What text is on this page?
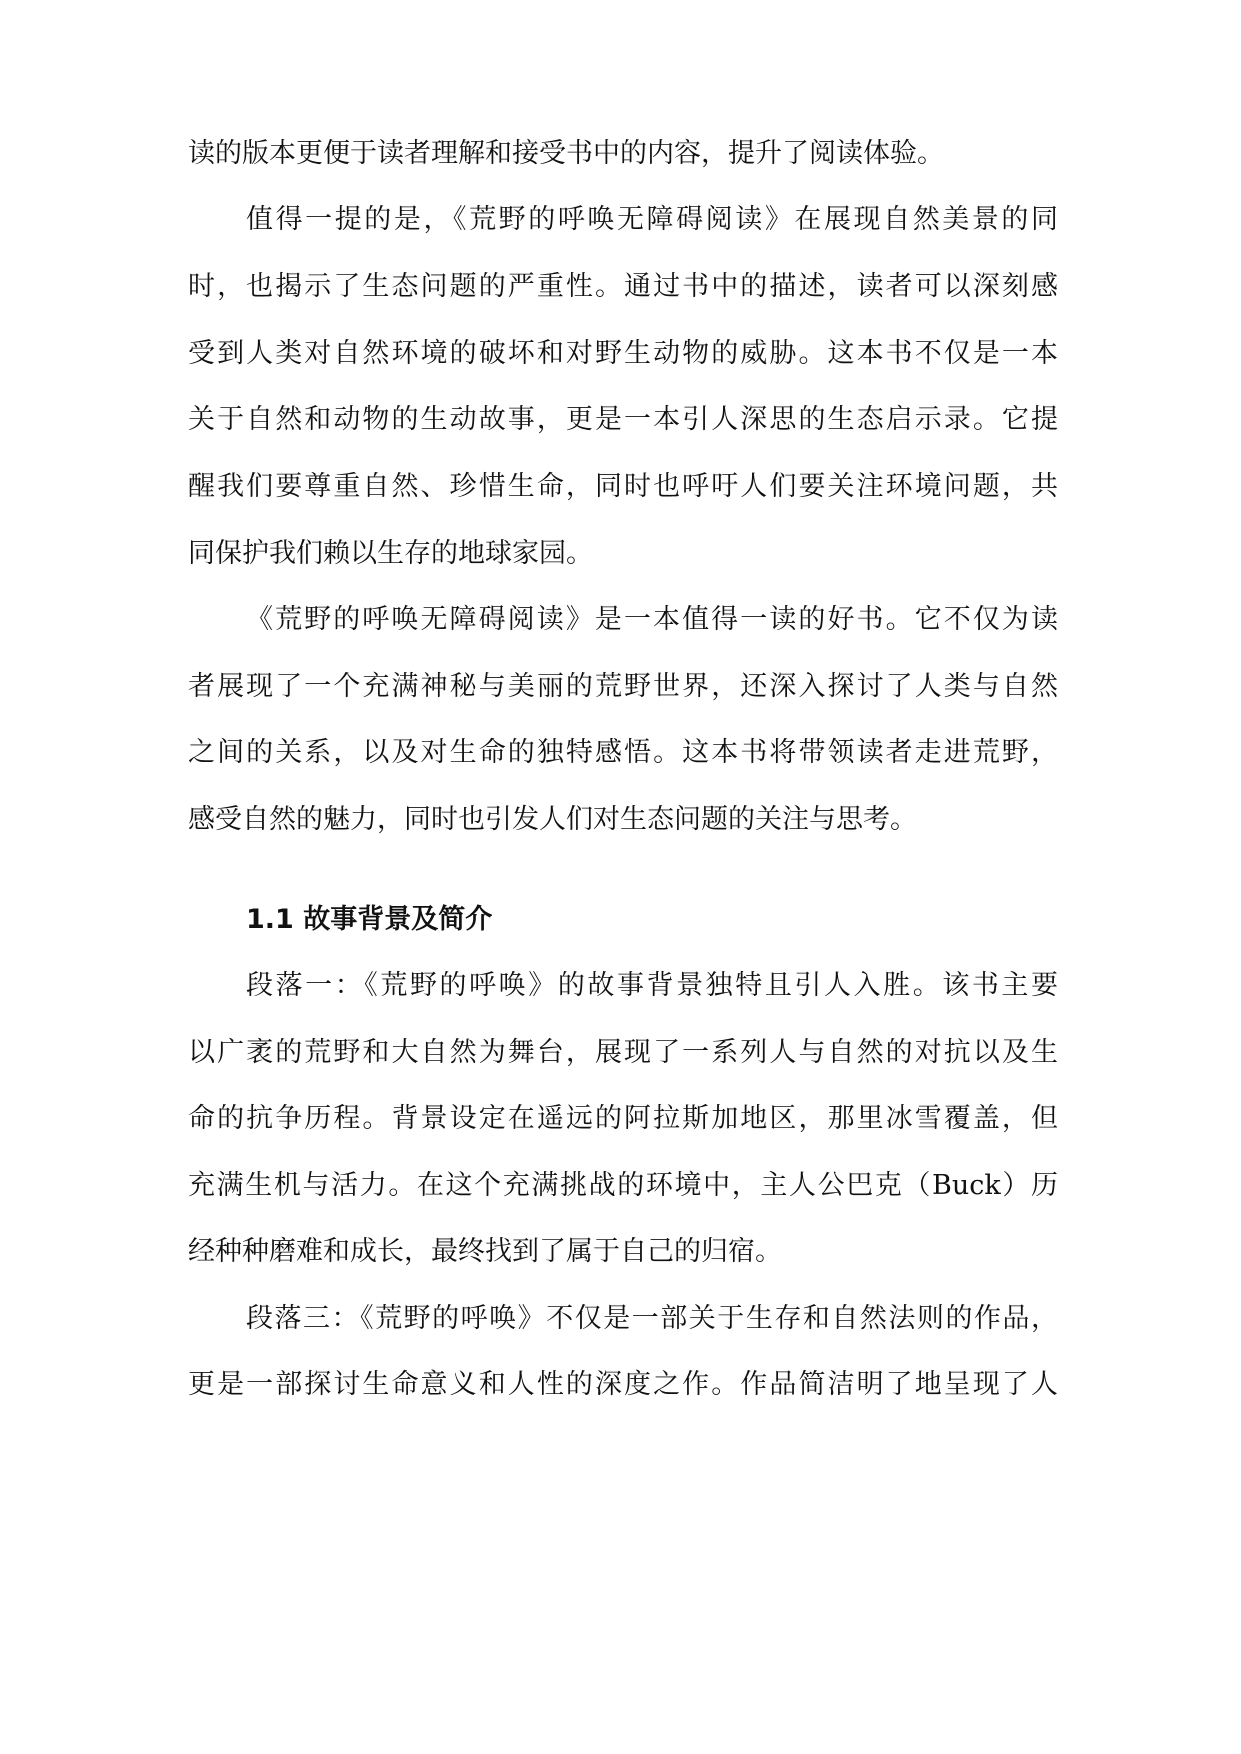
读的版本更便于读者理解和接受书中的内容，提升了阅读体验。
值得一提的是，《荒野的呼唤无障碍阅读》在展现自然美景的同
时，也揭示了生态问题的严重性。通过书中的描述，读者可以深刻感
受到人类对自然环境的破坏和对野生动物的威胁。这本书不仅是一本
关于自然和动物的生动故事，更是一本引人深思的生态启示录。它提
醒我们要尊重自然、珍惜生命，同时也呼吁人们要关注环境问题，共
同保护我们赖以生存的地球家园。
《荒野的呼唤无障碍阅读》是一本值得一读的好书。它不仅为读
者展现了一个充满神秘与美丽的荒野世界，还深入探讨了人类与自然
之间的关系，以及对生命的独特感悟。这本书将带领读者走进荒野，
感受自然的魅力，同时也引发人们对生态问题的关注与思考。
1.1 故事背景及简介
段落一：《荒野的呼唤》的故事背景独特且引人入胜。该书主要
以广袤的荒野和大自然为舞台，展现了一系列人与自然的对抗以及生
命的抗争历程。背景设定在遥远的阿拉斯加地区，那里冰雪覆盖，但
充满生机与活力。在这个充满挑战的环境中，主人公巴克（Buck）历
经种种磨难和成长，最终找到了属于自己的归宿。
段落三：《荒野的呼唤》不仅是一部关于生存和自然法则的作品，
更是一部探讨生命意义和人性的深度之作。作品简洁明了地呈现了人
